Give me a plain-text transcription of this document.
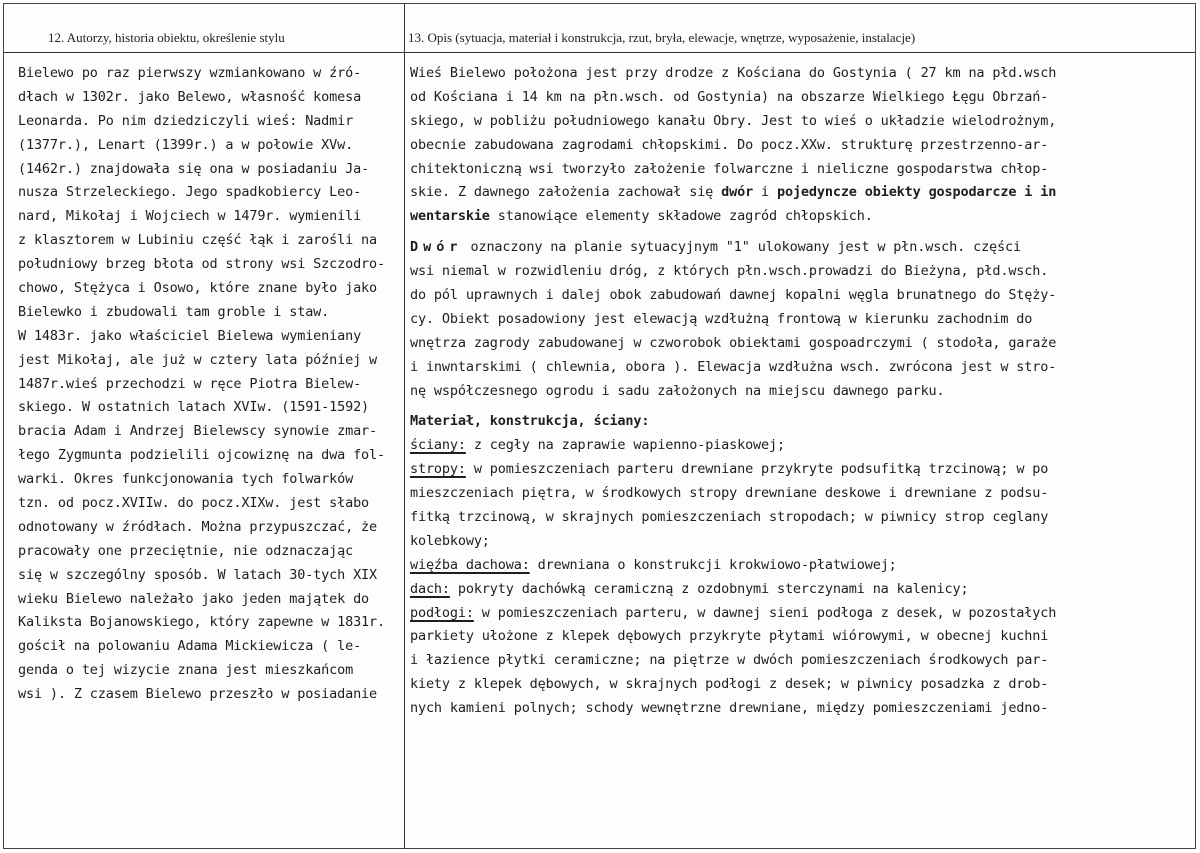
12. Autorzy, historia obiektu, określenie stylu	13. Opis (sytuacja, materiał i konstrukcja, rzut, bryła, elewacje, wnętrze, wyposażenie, instalacje)
Bielewo po raz pierwszy wzmiankowano w źró-
dłach w 1302r. jako Belewo, własność komesa
Leonarda. Po nim dziedziczyli wieś: Nadmir
(1377r.), Lenart (1399r.) a w połowie XVw.
(1462r.) znajdowała się ona w posiadaniu Ja-
nusza Strzeleckiego. Jego spadkobiercy Leo-
nard, Mikołaj i Wojciech w 1479r. wymienili
z klasztorem w Lubiniu część łąk i zarośli na
południowy brzeg błota od strony wsi Szczodro-
chowo, Stężyca i Osowo, które znane było jako
Bielewko i zbudowali tam groble i staw.
W 1483r. jako właściciel Bielewa wymieniany
jest Mikołaj, ale już w cztery lata później w
1487r.wieś przechodzi w ręce Piotra Bielew-
skiego. W ostatnich latach XVIw. (1591-1592)
bracia Adam i Andrzej Bielewscy synowie zmar-
łego Zygmunta podzielili ojcowiznę na dwa fol-
warki. Okres funkcjonowania tych folwarków
tzn. od pocz.XVIIw. do pocz.XIXw. jest słabo
odnotowany w źródłach. Można przypuszczać, że
pracowały one przeciętnie, nie odznaczając
się w szczególny sposób. W latach 30-tych XIX
wieku Bielewo należało jako jeden majątek do
Kaliksta Bojanowskiego, który zapewne w 1831r.
gościł na polowaniu Adama Mickiewicza ( le-
genda o tej wizycie znana jest mieszkańcom
wsi ). Z czasem Bielewo przeszło w posiadanie
Wieś Bielewo położona jest przy drodze z Kościana do Gostynia ( 27 km na płd.wsch
od Kościana i 14 km na płn.wsch. od Gostynia) na obszarze Wielkiego Łęgu Obrzań-
skiego, w pobliżu południowego kanału Obry. Jest to wieś o układzie wielodrożnym,
obecnie zabudowana zagrodami chłopskimi. Do pocz.XXw. strukturę przestrzenno-ar-
chitektoniczną wsi tworzyło założenie folwarczne i nieliczne gospodarstwa chłop-
skie. Z dawnego założenia zachował się dwór i pojedyncze obiekty gospodarcze i in
wentarskie stanowiące elementy składowe zagród chłopskich.
Dwór oznaczony na planie sytuacyjnym "1" ulokowany jest w płn.wsch. części
wsi niemal w rozwidleniu dróg, z których płn.wsch.prowadzi do Bieżyna, płd.wsch.
do pól uprawnych i dalej obok zabudowań dawnej kopalni węgla brunatnego do Stęży-
cy. Obiekt posadowiony jest elewacją wzdłużną frontową w kierunku zachodnim do
wnętrza zagrody zabudowanej w czworobok obiektami gospoadrczymi ( stodoła, garaże
i inwntarskimi ( chlewnia, obora ). Elewacja wzdłużna wsch. zwrócona jest w stro-
nę współczesnego ogrodu i sadu założonych na miejscu dawnego parku.
Materiał, konstrukcja, ściany:
ściany: z cegły na zaprawie wapienno-piaskowej;
stropy: w pomieszczeniach parteru drewniane przykryte podsufitką trzcinową; w po
mieszczeniach piętra, w środkowych stropy drewniane deskowe i drewniane z podsu-
fitką trzcinową, w skrajnych pomieszczeniach stropodach; w piwnicy strop ceglany
kolebkowy;
więźba dachowa: drewniana o konstrukcji krokwiowo-płatwiowej;
dach: pokryty dachówką ceramiczną z ozdobnymi sterczynami na kalenicy;
podłogi: w pomieszczeniach parteru, w dawnej sieni podłoga z desek, w pozostałych
parkiety ułożone z klepek dębowych przykryte płytami wiórowymi, w obecnej kuchni
i łazience płytki ceramiczne; na piętrze w dwóch pomieszczeniach środkowych par-
kiety z klepek dębowych, w skrajnych podłogi z desek; w piwnicy posadzka z drob-
nych kamieni polnych; schody wewnętrzne drewniane, między pomieszczeniami jedno-
